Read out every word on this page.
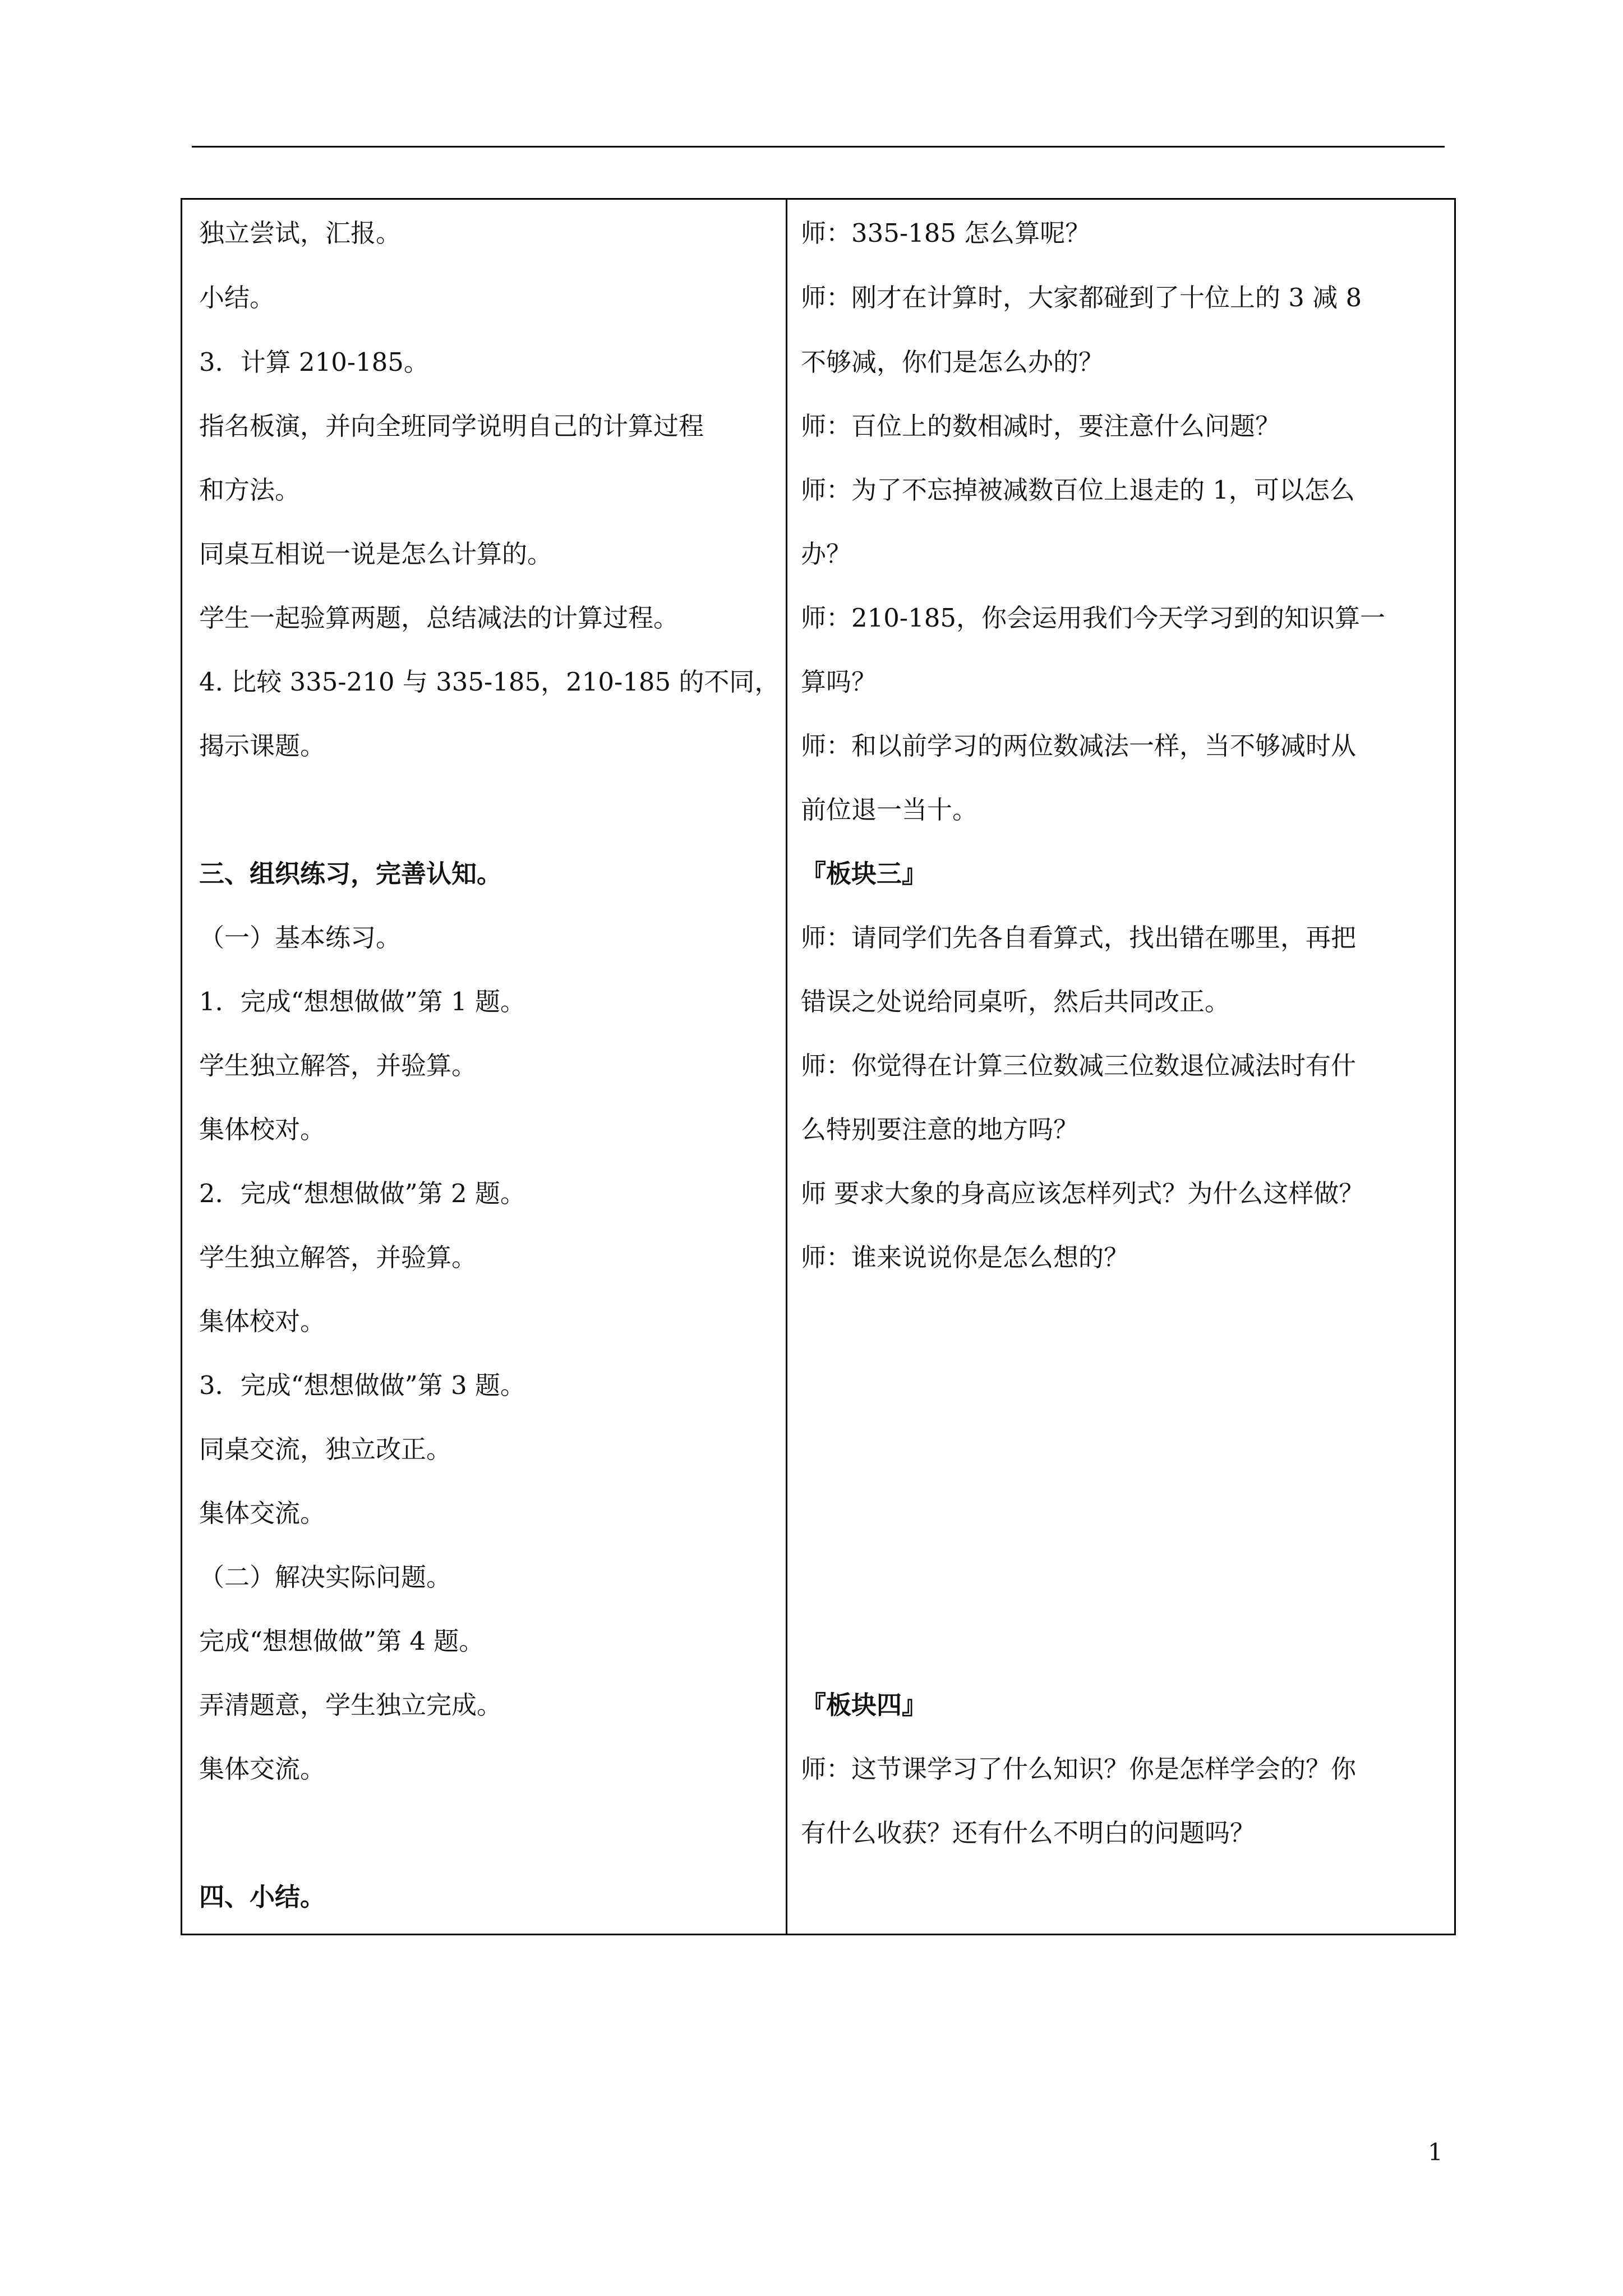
独立尝试，汇报。

小结。

3．计算 210-185。

指名板演，并向全班同学说明自己的计算过程

和方法。

同桌互相说一说是怎么计算的。

学生一起验算两题，总结减法的计算过程。

4. 比较 335-210 与 335-185，210-185 的不同，

揭示课题。

三、组织练习，完善认知。

（一）基本练习。

1．完成“想想做做”第 1 题。

学生独立解答，并验算。

集体校对。

2．完成“想想做做”第 2 题。

学生独立解答，并验算。

集体校对。

3．完成“想想做做”第 3 题。

同桌交流，独立改正。

集体交流。

（二）解决实际问题。

完成“想想做做”第 4 题。

弄清题意，学生独立完成。

集体交流。

四、小结。

师：335-185 怎么算呢？

师：刚才在计算时，大家都碰到了十位上的 3 减 8

不够减，你们是怎么办的？

师：百位上的数相减时，要注意什么问题？

师：为了不忘掉被减数百位上退走的 1，可以怎么

办？

师：210-185，你会运用我们今天学习到的知识算一

算吗？

师：和以前学习的两位数减法一样，当不够减时从

前位退一当十。

『板块三』

师：请同学们先各自看算式，找出错在哪里，再把

错误之处说给同桌听，然后共同改正。

师：你觉得在计算三位数减三位数退位减法时有什

么特别要注意的地方吗？

师 要求大象的身高应该怎样列式？为什么这样做？

师：谁来说说你是怎么想的？

『板块四』

师：这节课学习了什么知识？你是怎样学会的？你

有什么收获？还有什么不明白的问题吗？

1
